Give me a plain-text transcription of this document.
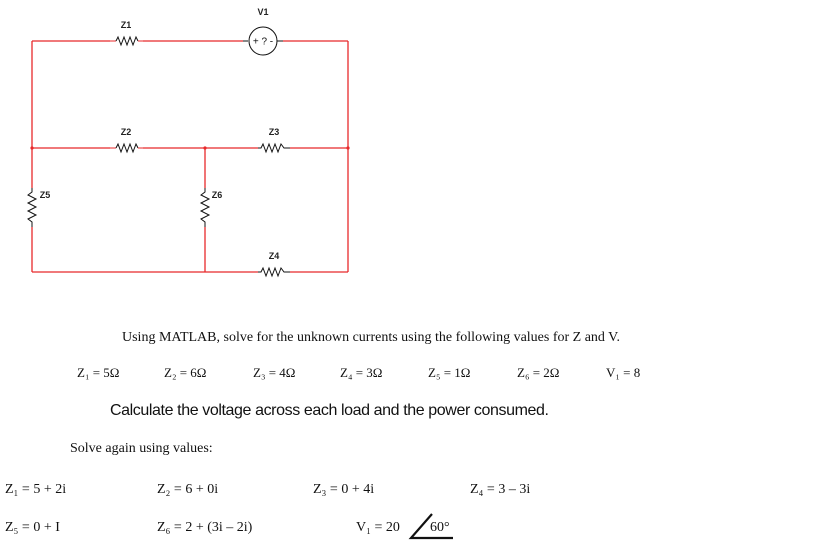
+ ? -
Z1
V1
Z2	Z3
Z5	Z6
Z4
Using MATLAB, solve for the unknown currents using the following values for Z and V.
Z₁ = 5Ω	Z₂ = 6Ω	Z₃ = 4Ω	Z₄ = 3Ω	Z₅ = 1Ω	Z₆ = 2Ω	V₁ = 8
Calculate the voltage across each load and the power consumed.
Solve again using values:
Z₁ = 5 + 2i	Z₂ = 6 + 0i	Z₃ = 0 + 4i	Z₄ = 3 – 3i
Z₅ = 0 + I	Z₆ = 2 + (3i – 2i)	V₁ = 20 60°
